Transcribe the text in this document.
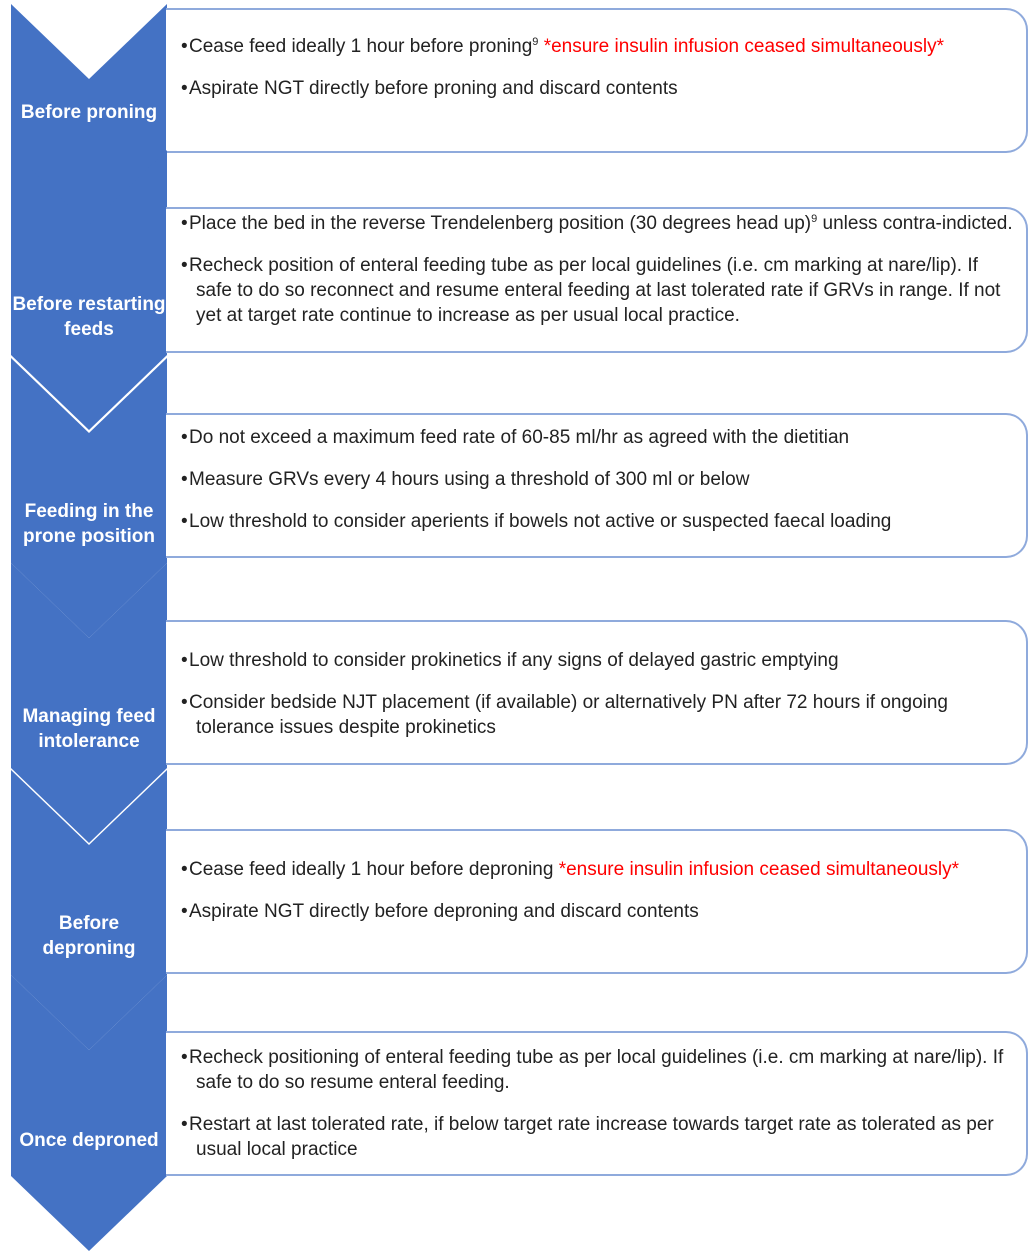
• Cease feed ideally 1 hour before proning$^9$ *ensure insulin infusion ceased simultaneously*
• Aspirate NGT directly before proning and discard contents
Before proning
• Place the bed in the reverse Trendelenberg position (30 degrees head up)$^9$ unless contra-indicted.
• Recheck position of enteral feeding tube as per local guidelines (i.e. cm marking at nare/lip). If safe to do so reconnect and resume enteral feeding at last tolerated rate if GRVs in range. If not yet at target rate continue to increase as per usual local practice.
Before restarting feeds
• Do not exceed a maximum feed rate of 60-85 ml/hr as agreed with the dietitian
• Measure GRVs every 4 hours using a threshold of 300 ml or below
• Low threshold to consider aperients if bowels not active or suspected faecal loading
Feeding in the prone position
• Low threshold to consider prokinetics if any signs of delayed gastric emptying
• Consider bedside NJT placement (if available) or alternatively PN after 72 hours if ongoing tolerance issues despite prokinetics
Managing feed intolerance
• Cease feed ideally 1 hour before deproning *ensure insulin infusion ceased simultaneously*
• Aspirate NGT directly before deproning and discard contents
Before deproning
• Recheck positioning of enteral feeding tube as per local guidelines (i.e. cm marking at nare/lip). If safe to do so resume enteral feeding.
• Restart at last tolerated rate, if below target rate increase towards target rate as tolerated as per usual local practice
Once deproned
